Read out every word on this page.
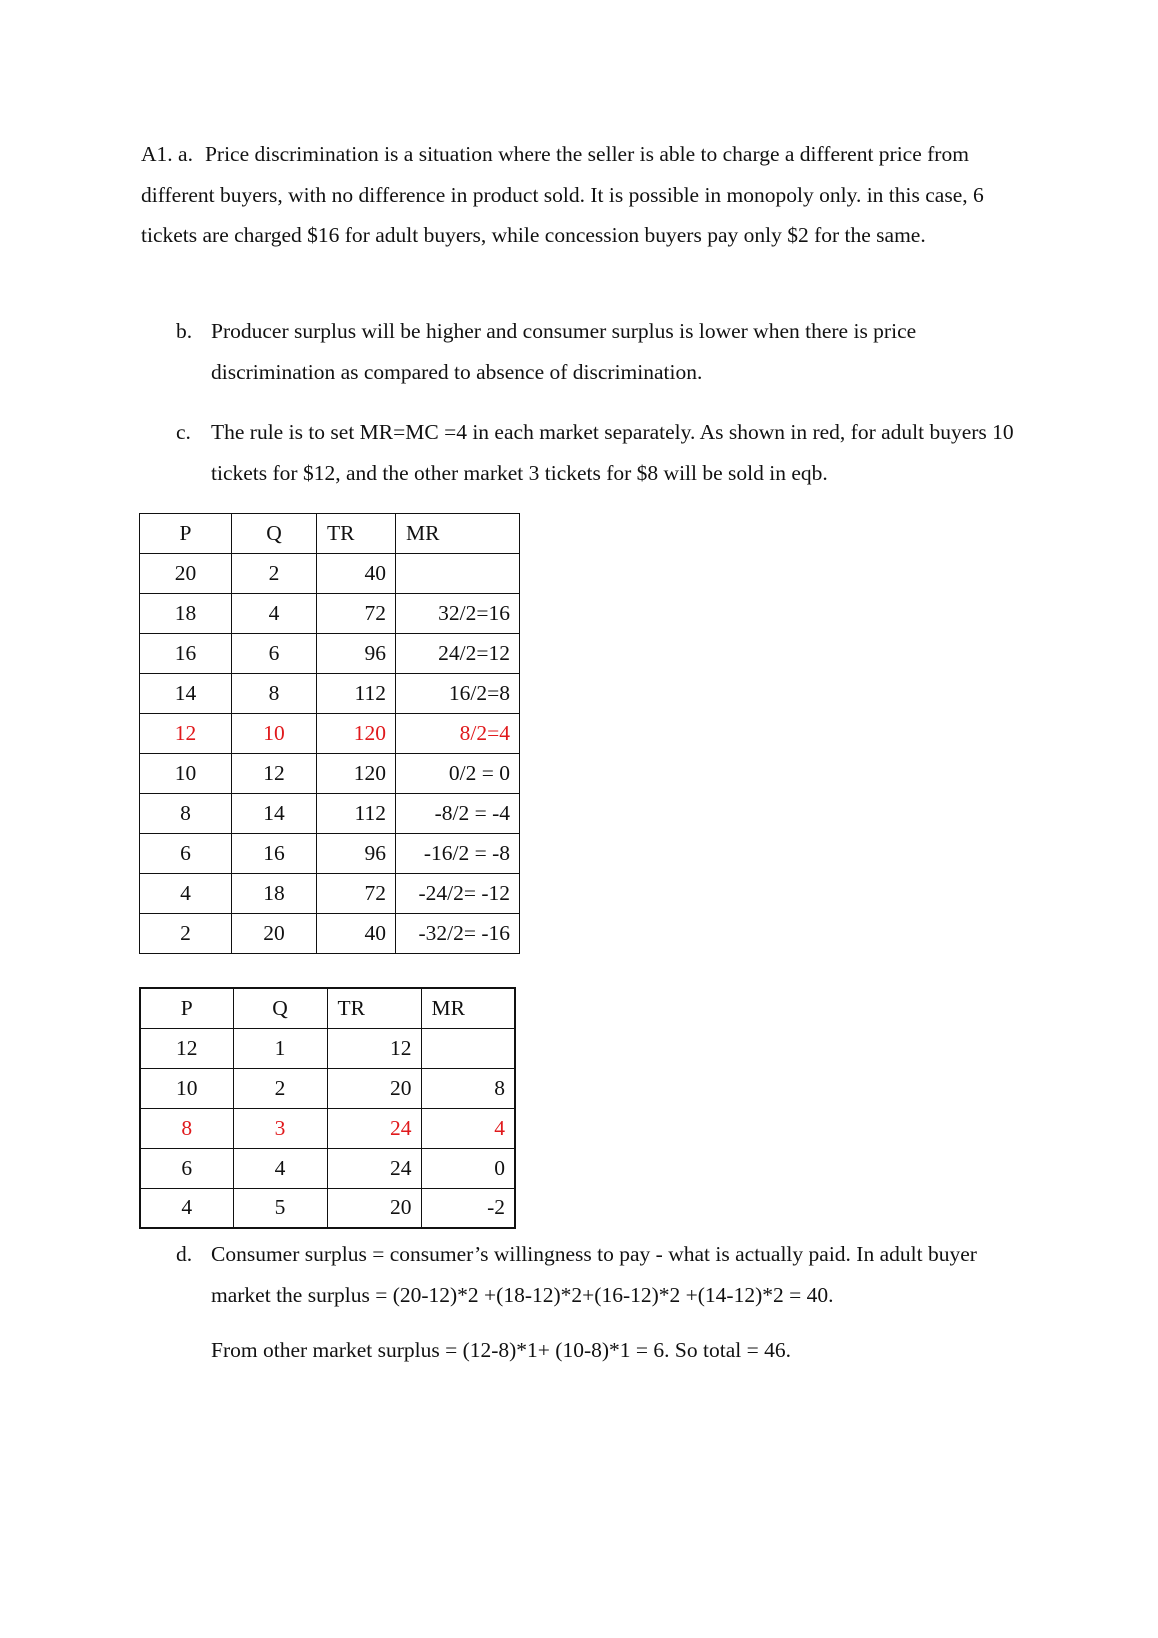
A1. a. Price discrimination is a situation where the seller is able to charge a different price from different buyers, with no difference in product sold. It is possible in monopoly only. in this case, 6 tickets are charged $16 for adult buyers, while concession buyers pay only $2 for the same.

b. Producer surplus will be higher and consumer surplus is lower when there is price discrimination as compared to absence of discrimination.
c. The rule is to set MR=MC =4 in each market separately. As shown in red, for adult buyers 10 tickets for $12, and the other market 3 tickets for $8 will be sold in eqb.
P	Q	TR	MR
20	2	40	
18	4	72	32/2=16
16	6	96	24/2=12
14	8	112	16/2=8
12	10	120	8/2=4
10	12	120	0/2 = 0
8	14	112	-8/2 = -4
6	16	96	-16/2 = -8
4	18	72	-24/2= -12
2	20	40	-32/2= -16
P	Q	TR	MR
12	1	12	
10	2	20	8
8	3	24	4
6	4	24	0
4	5	20	-2
d. Consumer surplus = consumer’s willingness to pay - what is actually paid. In adult buyer market the surplus = (20-12)*2 +(18-12)*2+(16-12)*2 +(14-12)*2 = 40.

From other market surplus = (12-8)*1+ (10-8)*1 = 6. So total = 46.
